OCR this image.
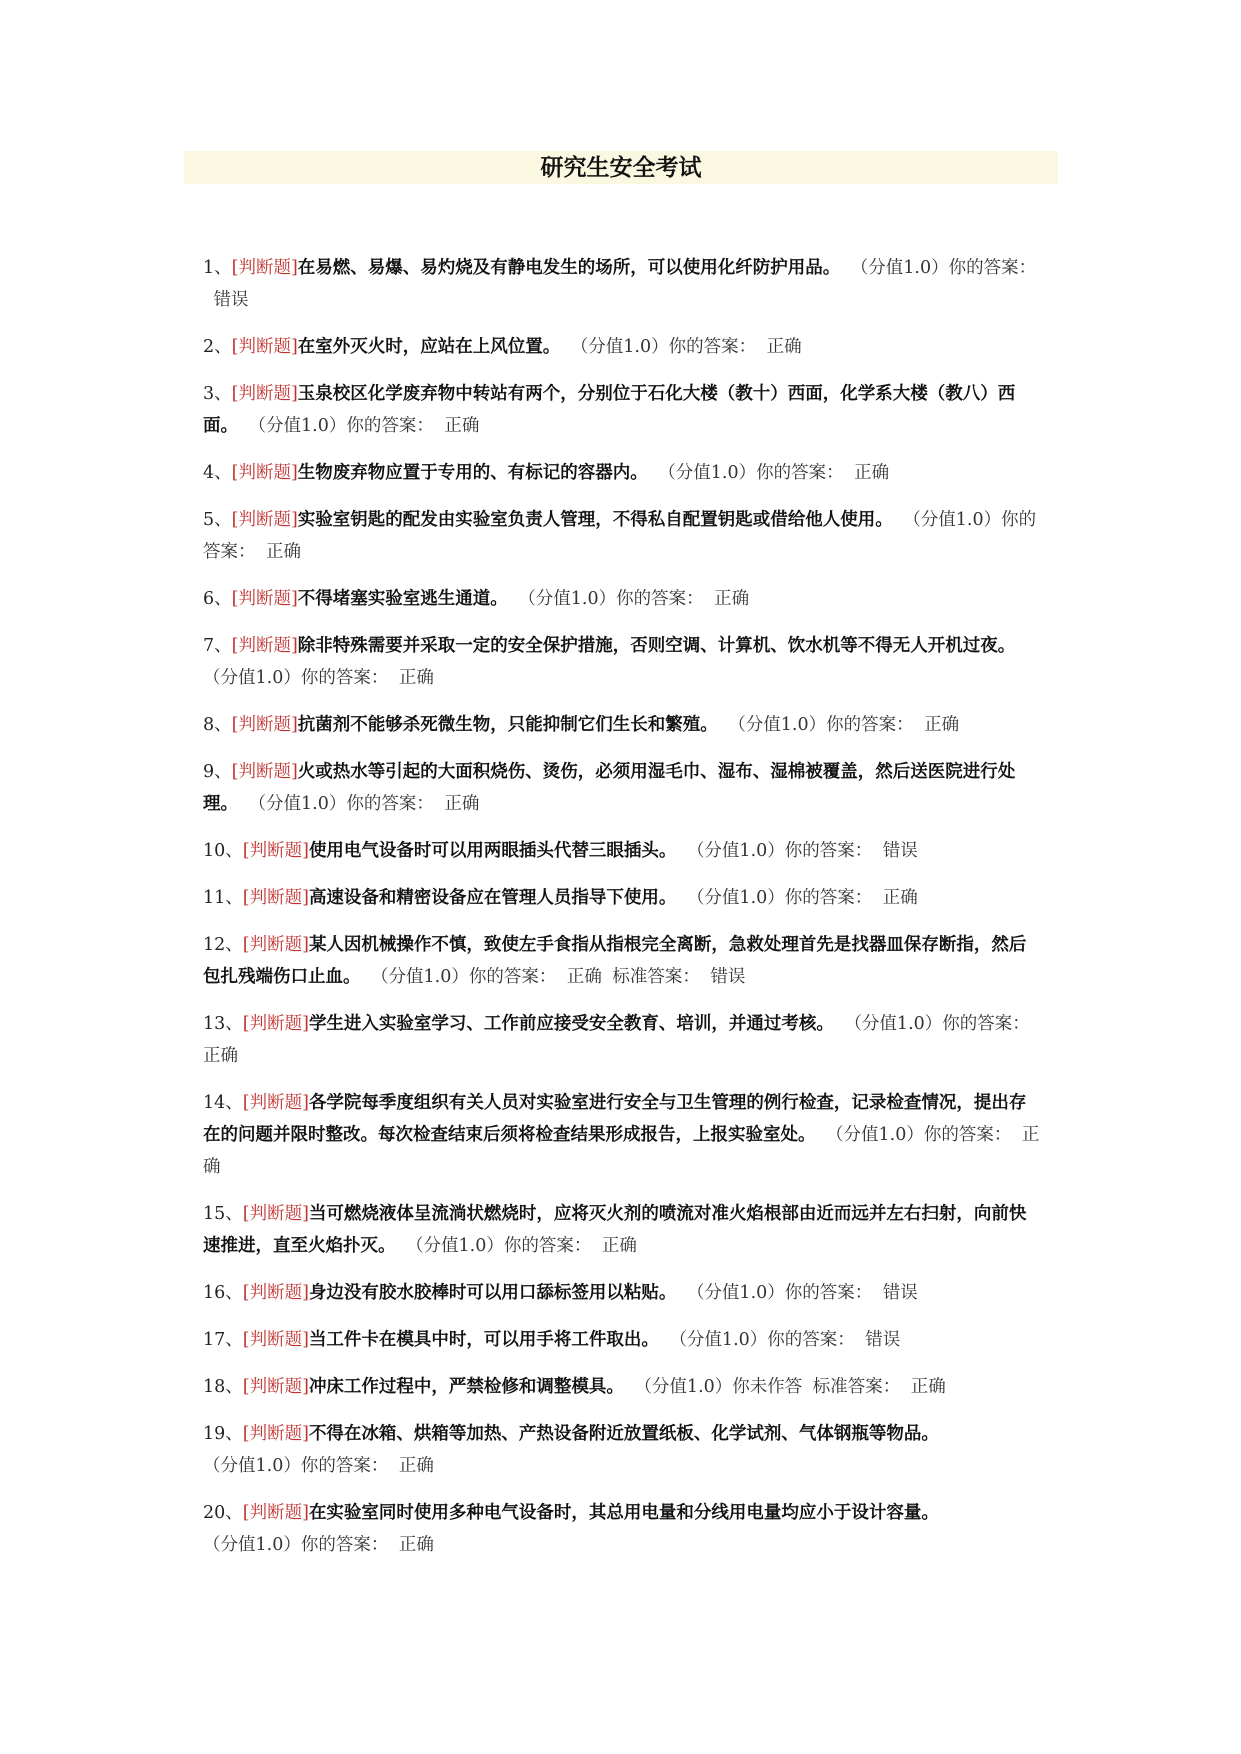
研究生安全考试
1、[判断题]在易燃、易爆、易灼烧及有静电发生的场所，可以使用化纤防护用品。 （分值1.0）你的答案：错误
2、[判断题]在室外灭火时，应站在上风位置。 （分值1.0）你的答案： 正确
3、[判断题]玉泉校区化学废弃物中转站有两个，分别位于石化大楼（教十）西面，化学系大楼（教八）西面。 （分值1.0）你的答案： 正确
4、[判断题]生物废弃物应置于专用的、有标记的容器内。 （分值1.0）你的答案： 正确
5、[判断题]实验室钥匙的配发由实验室负责人管理，不得私自配置钥匙或借给他人使用。 （分值1.0）你的答案： 正确
6、[判断题]不得堵塞实验室逃生通道。 （分值1.0）你的答案： 正确
7、[判断题]除非特殊需要并采取一定的安全保护措施，否则空调、计算机、饮水机等不得无人开机过夜。（分值1.0）你的答案： 正确
8、[判断题]抗菌剂不能够杀死微生物，只能抑制它们生长和繁殖。 （分值1.0）你的答案： 正确
9、[判断题]火或热水等引起的大面积烧伤、烫伤，必须用湿毛巾、湿布、湿棉被覆盖，然后送医院进行处理。 （分值1.0）你的答案： 正确
10、[判断题]使用电气设备时可以用两眼插头代替三眼插头。 （分值1.0）你的答案： 错误
11、[判断题]高速设备和精密设备应在管理人员指导下使用。 （分值1.0）你的答案： 正确
12、[判断题]某人因机械操作不慎，致使左手食指从指根完全离断，急救处理首先是找器皿保存断指，然后包扎残端伤口止血。 （分值1.0）你的答案： 正确 标准答案： 错误
13、[判断题]学生进入实验室学习、工作前应接受安全教育、培训，并通过考核。 （分值1.0）你的答案：正确
14、[判断题]各学院每季度组织有关人员对实验室进行安全与卫生管理的例行检查，记录检查情况，提出存在的问题并限时整改。每次检查结束后须将检查结果形成报告，上报实验室处。 （分值1.0）你的答案： 正确
15、[判断题]当可燃烧液体呈流淌状燃烧时，应将灭火剂的喷流对准火焰根部由近而远并左右扫射，向前快速推进，直至火焰扑灭。 （分值1.0）你的答案： 正确
16、[判断题]身边没有胶水胶棒时可以用口舔标签用以粘贴。 （分值1.0）你的答案： 错误
17、[判断题]当工件卡在模具中时，可以用手将工件取出。 （分值1.0）你的答案： 错误
18、[判断题]冲床工作过程中，严禁检修和调整模具。 （分值1.0）你未作答 标准答案： 正确
19、[判断题]不得在冰箱、烘箱等加热、产热设备附近放置纸板、化学试剂、气体钢瓶等物品。（分值1.0）你的答案： 正确
20、[判断题]在实验室同时使用多种电气设备时，其总用电量和分线用电量均应小于设计容量。（分值1.0）你的答案： 正确
